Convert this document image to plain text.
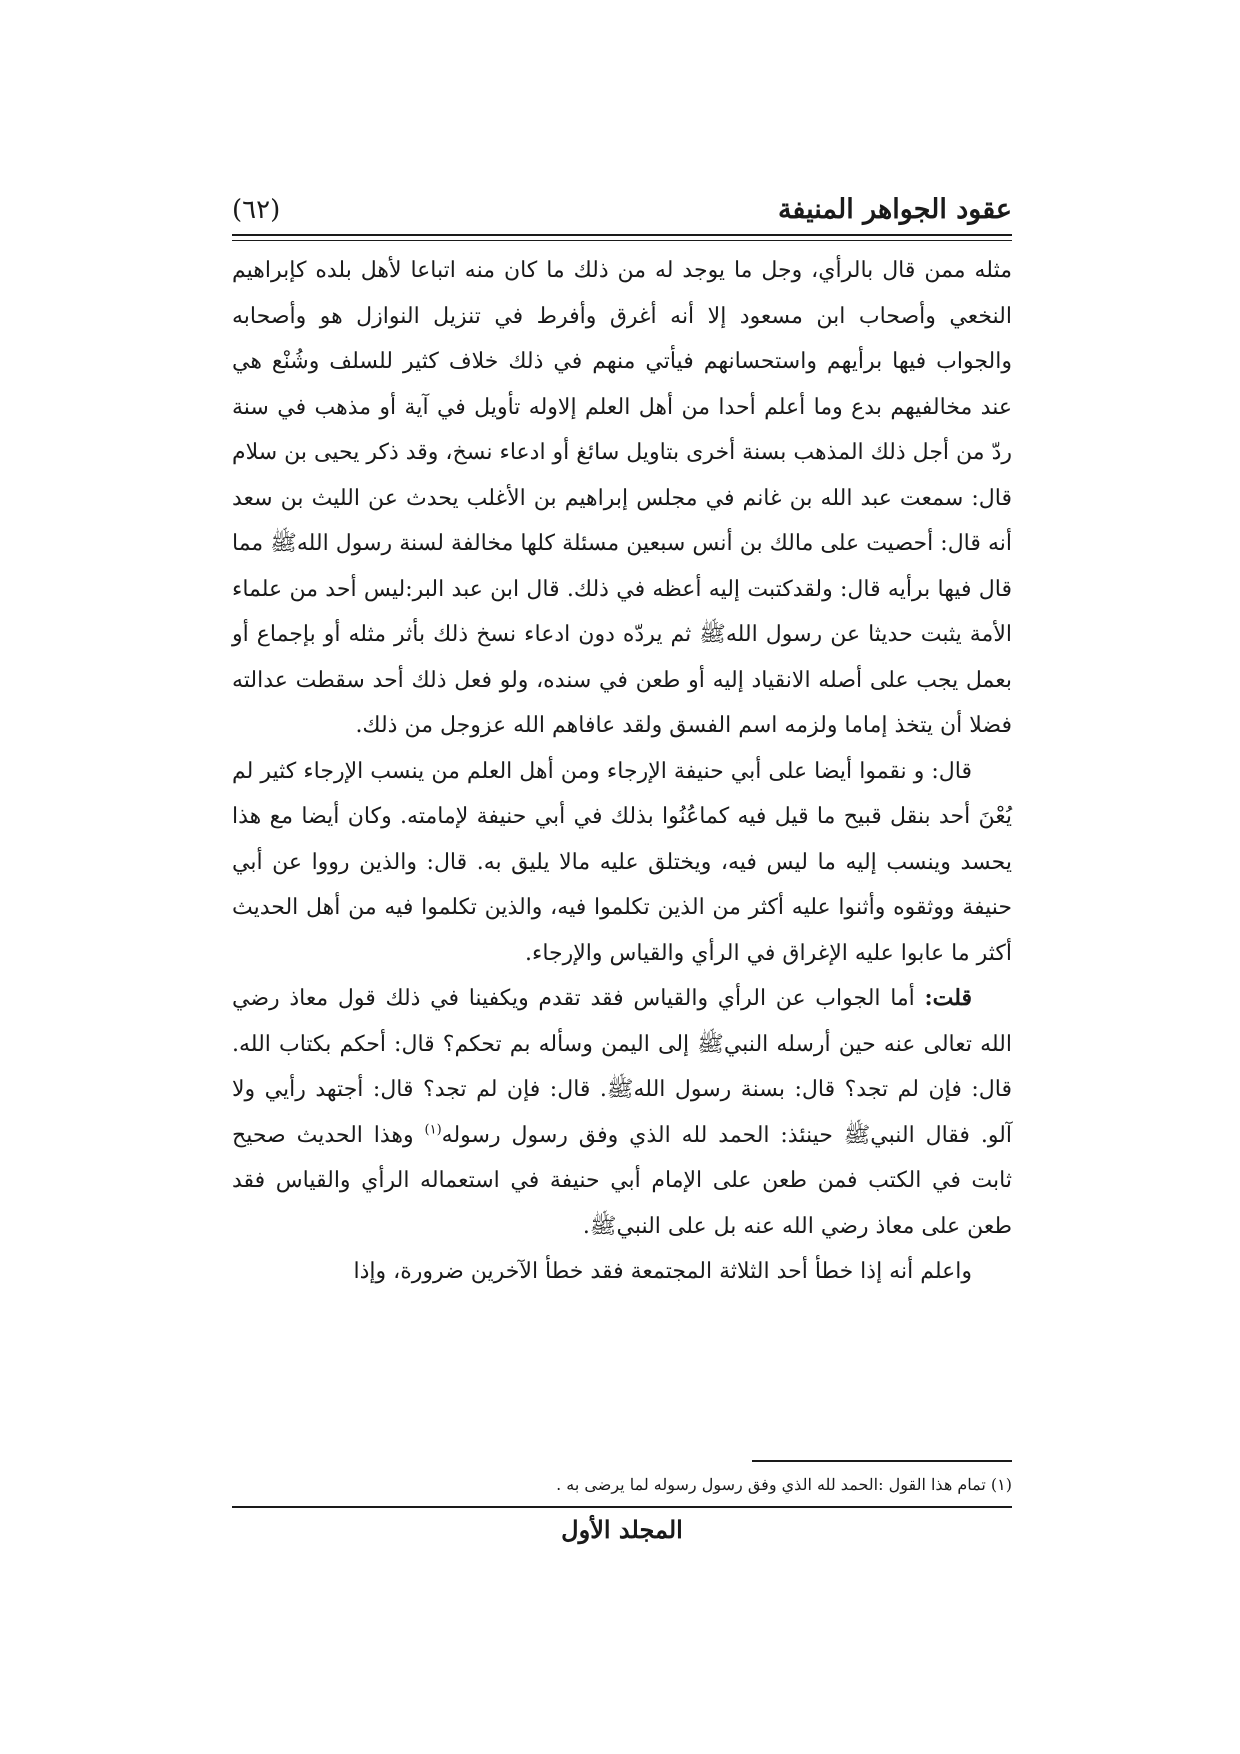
عقود الجواهر المنيفة
(٦٢)

مثله ممن قال بالرأي، وجل ما يوجد له من ذلك ما كان منه اتباعا لأهل بلده كإبراهيم النخعي وأصحاب ابن مسعود إلا أنه أغرق وأفرط في تنزيل النوازل هو وأصحابه والجواب فيها برأيهم واستحسانهم فيأتي منهم في ذلك خلاف كثير للسلف وشُنْع هي عند مخالفيهم بدع وما أعلم أحدا من أهل العلم إلاوله تأويل في آية أو مذهب في سنة ردّ من أجل ذلك المذهب بسنة أخرى بتاويل سائغ أو ادعاء نسخ، وقد ذكر يحيى بن سلام قال: سمعت عبد الله بن غانم في مجلس إبراهيم بن الأغلب يحدث عن الليث بن سعد أنه قال: أحصيت على مالك بن أنس سبعين مسئلة كلها مخالفة لسنة رسول اللهﷺ مما قال فيها برأيه قال: ولقدكتبت إليه أعظه في ذلك. قال ابن عبد البر:ليس أحد من علماء الأمة يثبت حديثا عن رسول اللهﷺ ثم يردّه دون ادعاء نسخ ذلك بأثر مثله أو بإجماع أو بعمل يجب على أصله الانقياد إليه أو طعن في سنده، ولو فعل ذلك أحد سقطت عدالته فضلا أن يتخذ إماما ولزمه اسم الفسق ولقد عافاهم الله عزوجل من ذلك.

قال: و نقموا أيضا على أبي حنيفة الإرجاء ومن أهل العلم من ينسب الإرجاء كثير لم يُعْنَ أحد بنقل قبيح ما قيل فيه كماعُنُوا بذلك في أبي حنيفة لإمامته. وكان أيضا مع هذا يحسد وينسب إليه ما ليس فيه، ويختلق عليه مالا يليق به. قال: والذين رووا عن أبي حنيفة ووثقوه وأثنوا عليه أكثر من الذين تكلموا فيه، والذين تكلموا فيه من أهل الحديث أكثر ما عابوا عليه الإغراق في الرأي والقياس والإرجاء.

قلت: أما الجواب عن الرأي والقياس فقد تقدم ويكفينا في ذلك قول معاذ رضي الله تعالى عنه حين أرسله النبيﷺ إلى اليمن وسأله بم تحكم؟ قال: أحكم بكتاب الله. قال: فإن لم تجد؟ قال: بسنة رسول اللهﷺ. قال: فإن لم تجد؟ قال: أجتهد رأيي ولا آلو. فقال النبيﷺ حينئذ: الحمد لله الذي وفق رسول رسوله$^{(١)}$ وهذا الحديث صحيح ثابت في الكتب فمن طعن على الإمام أبي حنيفة في استعماله الرأي والقياس فقد طعن على معاذ رضي الله عنه بل على النبيﷺ.

واعلم أنه إذا خطأ أحد الثلاثة المجتمعة فقد خطأ الآخرين ضرورة، وإذا

(١) تمام هذا القول :الحمد لله الذي وفق رسول رسوله لما يرضى به .
المجلد الأول
